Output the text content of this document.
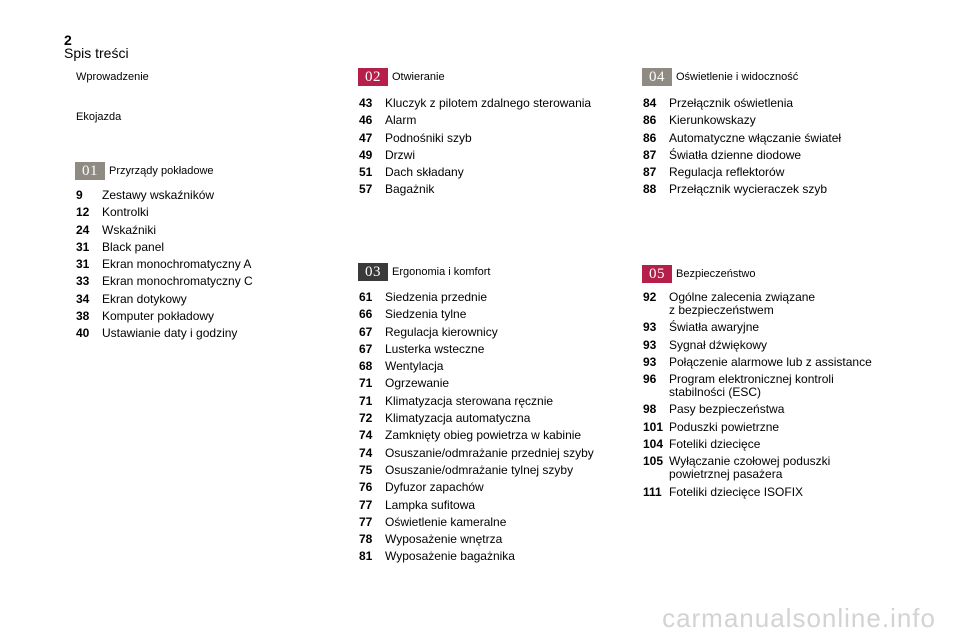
2
Spis treści
Wprowadzenie
Ekojazda
01	Przyrządy pokładowe
9	Zestawy wskaźników
12	Kontrolki
24	Wskaźniki
31	Black panel
31	Ekran monochromatyczny A
33	Ekran monochromatyczny C
34	Ekran dotykowy
38	Komputer pokładowy
40	Ustawianie daty i godziny
02	Otwieranie
43	Kluczyk z pilotem zdalnego sterowania
46	Alarm
47	Podnośniki szyb
49	Drzwi
51	Dach składany
57	Bagażnik
03	Ergonomia i komfort
61	Siedzenia przednie
66	Siedzenia tylne
67	Regulacja kierownicy
67	Lusterka wsteczne
68	Wentylacja
71	Ogrzewanie
71	Klimatyzacja sterowana ręcznie
72	Klimatyzacja automatyczna
74	Zamknięty obieg powietrza w kabinie
74	Osuszanie/odmrażanie przedniej szyby
75	Osuszanie/odmrażanie tylnej szyby
76	Dyfuzor zapachów
77	Lampka sufitowa
77	Oświetlenie kameralne
78	Wyposażenie wnętrza
81	Wyposażenie bagażnika
04	Oświetlenie i widoczność
84	Przełącznik oświetlenia
86	Kierunkowskazy
86	Automatyczne włączanie świateł
87	Światła dzienne diodowe
87	Regulacja reflektorów
88	Przełącznik wycieraczek szyb
05	Bezpieczeństwo
92	Ogólne zalecenia związane
z bezpieczeństwem
93	Światła awaryjne
93	Sygnał dźwiękowy
93	Połączenie alarmowe lub z assistance
96	Program elektronicznej kontroli
stabilności (ESC)
98	Pasy bezpieczeństwa
101 Poduszki powietrzne
104 Foteliki dziecięce
105 Wyłączanie czołowej poduszki
powietrznej pasażera
111 Foteliki dziecięce ISOFIX
carmanualsonline.info
